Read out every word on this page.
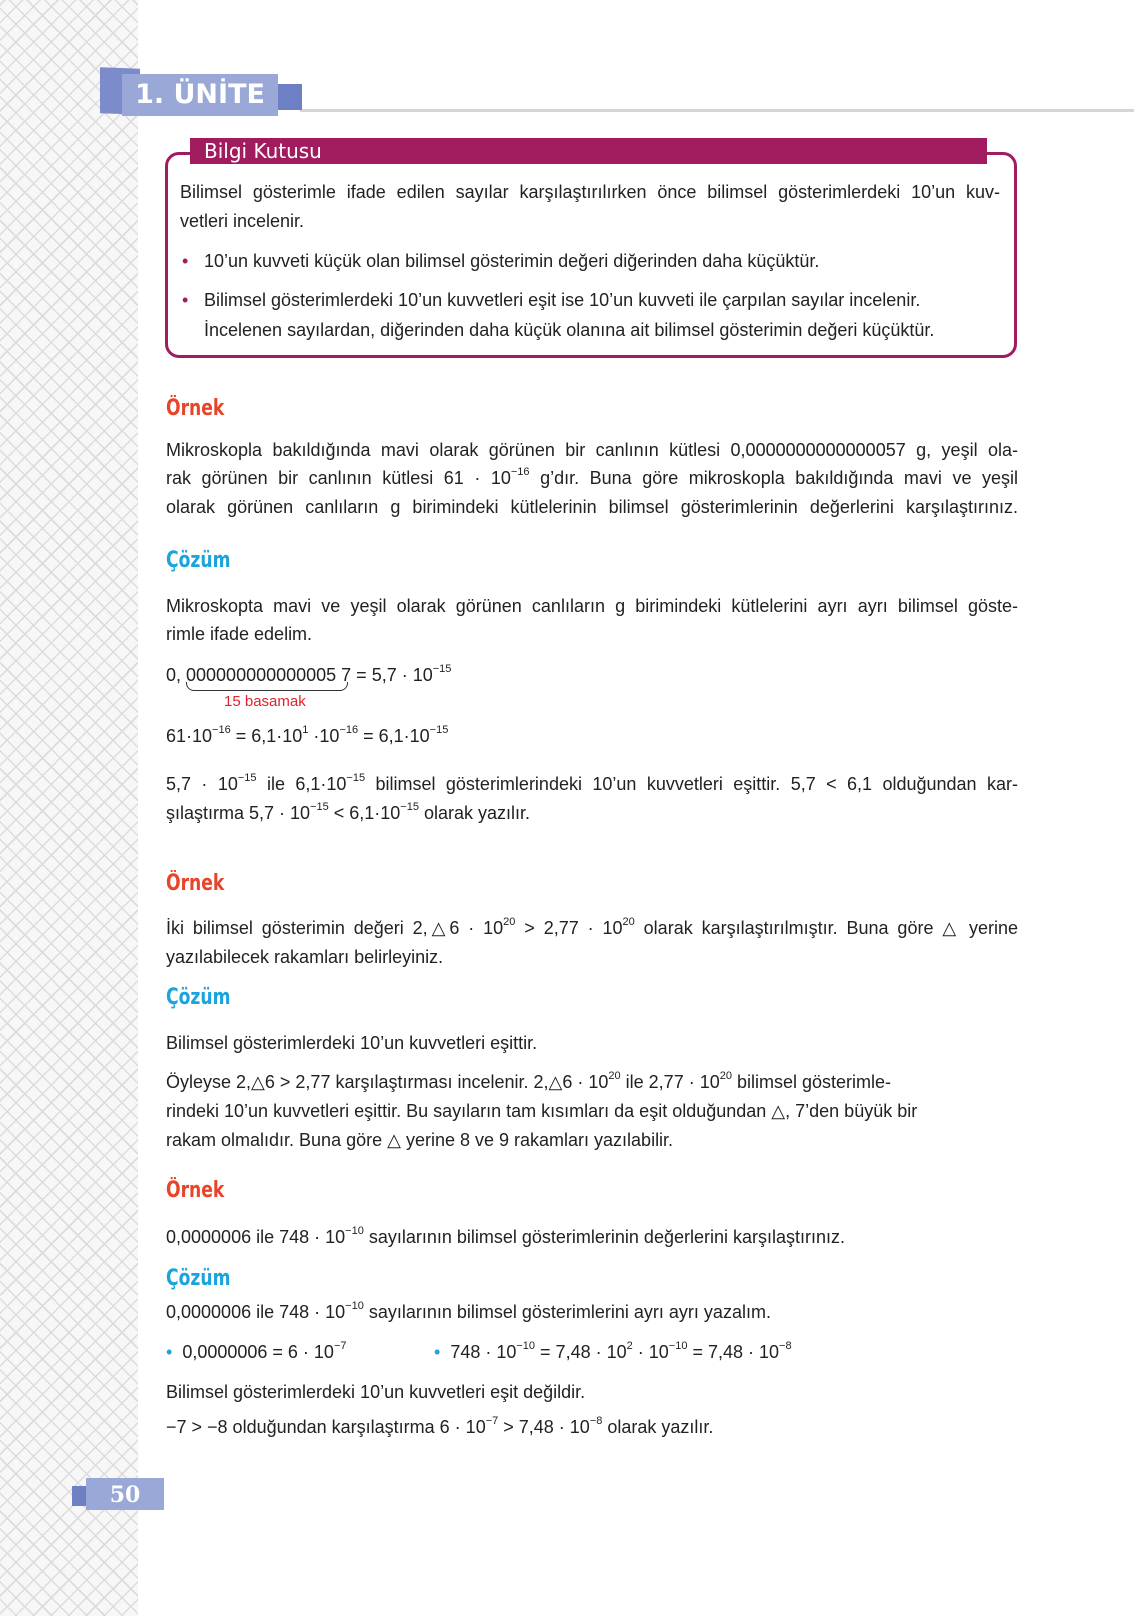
1. ÜNİTE
Bilgi Kutusu
Bilimsel gösterimle ifade edilen sayılar karşılaştırılırken önce bilimsel gösterimlerdeki 10’un kuv-
vetleri incelenir.
• 10’un kuvveti küçük olan bilimsel gösterimin değeri diğerinden daha küçüktür.
• Bilimsel gösterimlerdeki 10’un kuvvetleri eşit ise 10’un kuvveti ile çarpılan sayılar incelenir.
İncelenen sayılardan, diğerinden daha küçük olanına ait bilimsel gösterimin değeri küçüktür.
Örnek
Mikroskopla bakıldığında mavi olarak görünen bir canlının kütlesi 0,0000000000000057 g, yeşil ola-
rak görünen bir canlının kütlesi $61 \cdot 10^{-16}$ g’dır. Buna göre mikroskopla bakıldığında mavi ve yeşil
olarak görünen canlıların g birimindeki kütlelerinin bilimsel gösterimlerinin değerlerini karşılaştırınız.
Çözüm
Mikroskopta mavi ve yeşil olarak görünen canlıların g birimindeki kütlelerini ayrı ayrı bilimsel göste-
rimle ifade edelim.
0, 000000000000005 $7 = 5,7 \cdot 10^{-15}$
15 basamak
$61\cdot 10^{-16} = 6,1\cdot 10^1 \cdot 10^{-16} = 6,1\cdot 10^{-15}$
$5,7 \cdot 10^{-15}$ ile $6,1\cdot 10^{-15}$ bilimsel gösterimlerindeki 10’un kuvvetleri eşittir. 5,7 < 6,1 olduğundan kar-
şılaştırma $5,7 \cdot 10^{-15} < 6,1\cdot 10^{-15}$ olarak yazılır.
Örnek
İki bilimsel gösterimin değeri 2,△6 · $10^{20} > 2,77 \cdot 10^{20}$ olarak karşılaştırılmıştır. Buna göre △ yerine
yazılabilecek rakamları belirleyiniz.
Çözüm
Bilimsel gösterimlerdeki 10’un kuvvetleri eşittir.
Öyleyse 2,△6 > 2,77 karşılaştırması incelenir. 2,△6 · $10^{20}$ ile $2,77 \cdot 10^{20}$ bilimsel gösterimle-
rindeki 10’un kuvvetleri eşittir. Bu sayıların tam kısımları da eşit olduğundan △, 7’den büyük bir
rakam olmalıdır. Buna göre △ yerine 8 ve 9 rakamları yazılabilir.
Örnek
0,0000006 ile $748 \cdot 10^{-10}$ sayılarının bilimsel gösterimlerinin değerlerini karşılaştırınız.
Çözüm
0,0000006 ile $748 \cdot 10^{-10}$ sayılarının bilimsel gösterimlerini ayrı ayrı yazalım.
• $0,0000006 = 6 \cdot 10^{-7}$	• $748 \cdot 10^{-10} = 7,48 \cdot 10^2 \cdot 10^{-10} = 7,48 \cdot 10^{-8}$
Bilimsel gösterimlerdeki 10’un kuvvetleri eşit değildir.
−7 > −8 olduğundan karşılaştırma $6 \cdot 10^{-7} > 7,48 \cdot 10^{-8}$ olarak yazılır.
50
